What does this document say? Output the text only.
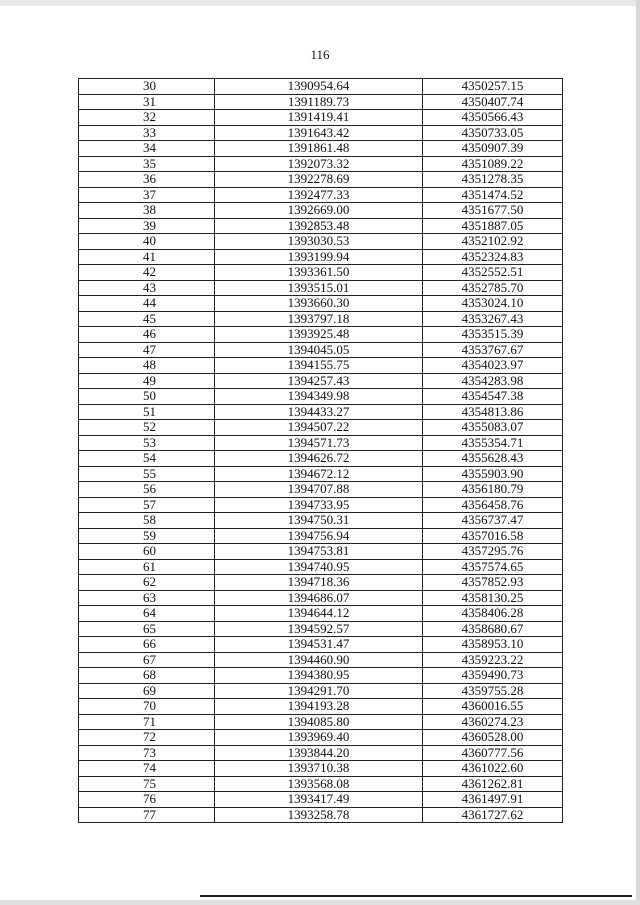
116
30	1390954.64	4350257.15
31	1391189.73	4350407.74
32	1391419.41	4350566.43
33	1391643.42	4350733.05
34	1391861.48	4350907.39
35	1392073.32	4351089.22
36	1392278.69	4351278.35
37	1392477.33	4351474.52
38	1392669.00	4351677.50
39	1392853.48	4351887.05
40	1393030.53	4352102.92
41	1393199.94	4352324.83
42	1393361.50	4352552.51
43	1393515.01	4352785.70
44	1393660.30	4353024.10
45	1393797.18	4353267.43
46	1393925.48	4353515.39
47	1394045.05	4353767.67
48	1394155.75	4354023.97
49	1394257.43	4354283.98
50	1394349.98	4354547.38
51	1394433.27	4354813.86
52	1394507.22	4355083.07
53	1394571.73	4355354.71
54	1394626.72	4355628.43
55	1394672.12	4355903.90
56	1394707.88	4356180.79
57	1394733.95	4356458.76
58	1394750.31	4356737.47
59	1394756.94	4357016.58
60	1394753.81	4357295.76
61	1394740.95	4357574.65
62	1394718.36	4357852.93
63	1394686.07	4358130.25
64	1394644.12	4358406.28
65	1394592.57	4358680.67
66	1394531.47	4358953.10
67	1394460.90	4359223.22
68	1394380.95	4359490.73
69	1394291.70	4359755.28
70	1394193.28	4360016.55
71	1394085.80	4360274.23
72	1393969.40	4360528.00
73	1393844.20	4360777.56
74	1393710.38	4361022.60
75	1393568.08	4361262.81
76	1393417.49	4361497.91
77	1393258.78	4361727.62
